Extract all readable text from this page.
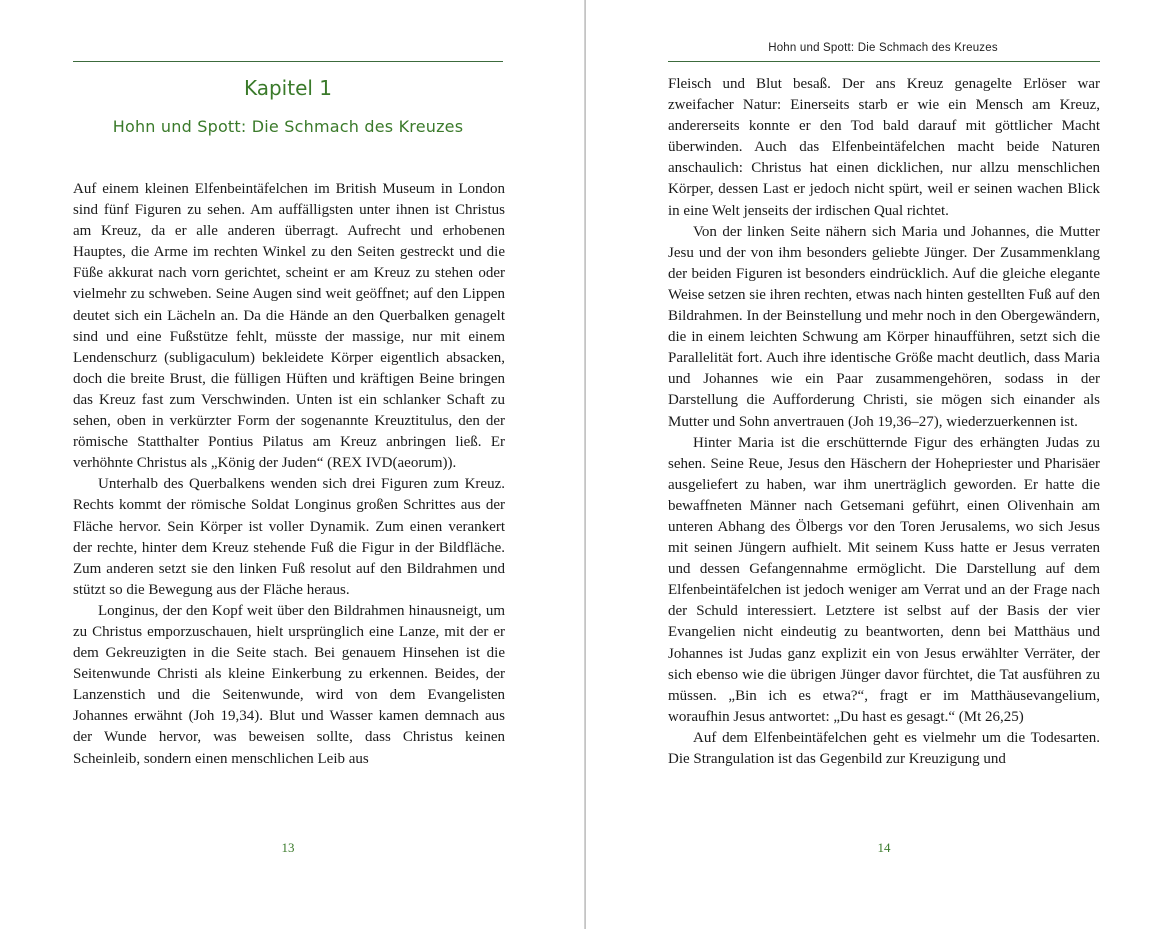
Kapitel 1
Hohn und Spott: Die Schmach des Kreuzes

Auf einem kleinen Elfenbeintäfelchen im British Museum in London sind fünf Figuren zu sehen. Am auffälligsten unter ihnen ist Christus am Kreuz, da er alle anderen überragt. Aufrecht und erhobenen Hauptes, die Arme im rechten Winkel zu den Seiten gestreckt und die Füße akkurat nach vorn gerichtet, scheint er am Kreuz zu stehen oder vielmehr zu schweben. Seine Augen sind weit geöffnet; auf den Lippen deutet sich ein Lächeln an. Da die Hände an den Querbalken genagelt sind und eine Fußstütze fehlt, müsste der massige, nur mit einem Lendenschurz (subligaculum) bekleidete Körper eigentlich absacken, doch die breite Brust, die fülligen Hüften und kräftigen Beine bringen das Kreuz fast zum Verschwinden. Unten ist ein schlanker Schaft zu sehen, oben in verkürzter Form der sogenannte Kreuztitulus, den der römische Statthalter Pontius Pilatus am Kreuz anbringen ließ. Er verhöhnte Christus als „König der Juden“ (REX IVD(aeorum)).

Unterhalb des Querbalkens wenden sich drei Figuren zum Kreuz. Rechts kommt der römische Soldat Longinus großen Schrittes aus der Fläche hervor. Sein Körper ist voller Dynamik. Zum einen verankert der rechte, hinter dem Kreuz stehende Fuß die Figur in der Bildfläche. Zum anderen setzt sie den linken Fuß resolut auf den Bildrahmen und stützt so die Bewegung aus der Fläche heraus.

Longinus, der den Kopf weit über den Bildrahmen hinausneigt, um zu Christus emporzuschauen, hielt ursprünglich eine Lanze, mit der er dem Gekreuzigten in die Seite stach. Bei genauem Hinsehen ist die Seitenwunde Christi als kleine Einkerbung zu erkennen. Beides, der Lanzenstich und die Seitenwunde, wird von dem Evangelisten Johannes erwähnt (Joh 19,34). Blut und Wasser kamen demnach aus der Wunde hervor, was beweisen sollte, dass Christus keinen Scheinleib, sondern einen menschlichen Leib aus

13
Hohn und Spott: Die Schmach des Kreuzes

Fleisch und Blut besaß. Der ans Kreuz genagelte Erlöser war zweifacher Natur: Einerseits starb er wie ein Mensch am Kreuz, andererseits konnte er den Tod bald darauf mit göttlicher Macht überwinden. Auch das Elfenbeintäfelchen macht beide Naturen anschaulich: Christus hat einen dicklichen, nur allzu menschlichen Körper, dessen Last er jedoch nicht spürt, weil er seinen wachen Blick in eine Welt jenseits der irdischen Qual richtet.

Von der linken Seite nähern sich Maria und Johannes, die Mutter Jesu und der von ihm besonders geliebte Jünger. Der Zusammenklang der beiden Figuren ist besonders eindrücklich. Auf die gleiche elegante Weise setzen sie ihren rechten, etwas nach hinten gestellten Fuß auf den Bildrahmen. In der Beinstellung und mehr noch in den Obergewändern, die in einem leichten Schwung am Körper hinaufführen, setzt sich die Parallelität fort. Auch ihre identische Größe macht deutlich, dass Maria und Johannes wie ein Paar zusammengehören, sodass in der Darstellung die Aufforderung Christi, sie mögen sich einander als Mutter und Sohn anvertrauen (Joh 19,36–27), wiederzuerkennen ist.

Hinter Maria ist die erschütternde Figur des erhängten Judas zu sehen. Seine Reue, Jesus den Häschern der Hohepriester und Pharisäer ausgeliefert zu haben, war ihm unerträglich geworden. Er hatte die bewaffneten Männer nach Getsemani geführt, einen Olivenhain am unteren Abhang des Ölbergs vor den Toren Jerusalems, wo sich Jesus mit seinen Jüngern aufhielt. Mit seinem Kuss hatte er Jesus verraten und dessen Gefangennahme ermöglicht. Die Darstellung auf dem Elfenbeintäfelchen ist jedoch weniger am Verrat und an der Frage nach der Schuld interessiert. Letztere ist selbst auf der Basis der vier Evangelien nicht eindeutig zu beantworten, denn bei Matthäus und Johannes ist Judas ganz explizit ein von Jesus erwählter Verräter, der sich ebenso wie die übrigen Jünger davor fürchtet, die Tat ausführen zu müssen. „Bin ich es etwa?“, fragt er im Matthäusevangelium, woraufhin Jesus antwortet: „Du hast es gesagt.“ (Mt 26,25)

Auf dem Elfenbeintäfelchen geht es vielmehr um die Todesarten. Die Strangulation ist das Gegenbild zur Kreuzigung und

14
